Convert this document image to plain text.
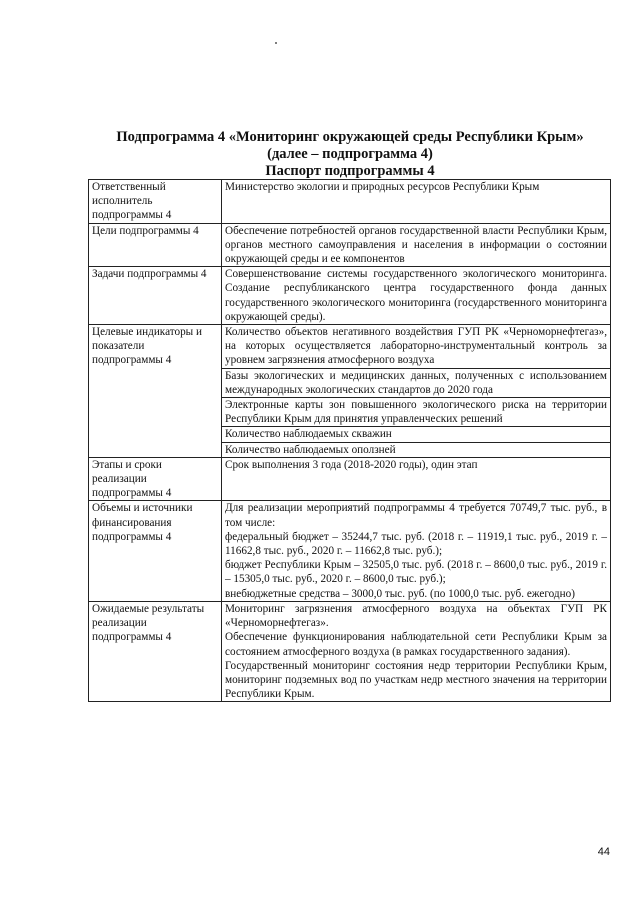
Подпрограмма 4 «Мониторинг окружающей среды Республики Крым»
(далее – подпрограмма 4)
Паспорт подпрограммы 4
Ответственный исполнитель подпрограммы 4	Министерство экологии и природных ресурсов Республики Крым
Цели подпрограммы 4	Обеспечение потребностей органов государственной власти Республики Крым, органов местного самоуправления и населения в информации о состоянии окружающей среды и ее компонентов
Задачи подпрограммы 4	Совершенствование системы государственного экологического мониторинга. Создание республиканского центра государственного фонда данных государственного экологического мониторинга (государственного мониторинга окружающей среды).
Целевые индикаторы и показатели подпрограммы 4	Количество объектов негативного воздействия ГУП РК «Черноморнефтегаз», на которых осуществляется лабораторно-инструментальный контроль за уровнем загрязнения атмосферного воздуха
	Базы экологических и медицинских данных, полученных с использованием международных экологических стандартов до 2020 года
	Электронные карты зон повышенного экологического риска на территории Республики Крым для принятия управленческих решений
	Количество наблюдаемых скважин
	Количество наблюдаемых оползней
Этапы и сроки реализации подпрограммы 4	Срок выполнения 3 года (2018-2020 годы), один этап
Объемы и источники финансирования подпрограммы 4	Для реализации мероприятий подпрограммы 4 требуется 70749,7 тыс. руб., в том числе:
федеральный бюджет – 35244,7 тыс. руб. (2018 г. – 11919,1 тыс. руб., 2019 г. – 11662,8 тыс. руб., 2020 г. – 11662,8 тыс. руб.);
бюджет Республики Крым – 32505,0 тыс. руб. (2018 г. – 8600,0 тыс. руб., 2019 г. – 15305,0 тыс. руб., 2020 г. – 8600,0 тыс. руб.);
внебюджетные средства – 3000,0 тыс. руб. (по 1000,0 тыс. руб. ежегодно)

Ожидаемые результаты реализации подпрограммы 4	Мониторинг загрязнения атмосферного воздуха на объектах ГУП РК «Черноморнефтегаз».
Обеспечение функционирования наблюдательной сети Республики Крым за состоянием атмосферного воздуха (в рамках государственного задания).
Государственный мониторинг состояния недр территории Республики Крым, мониторинг подземных вод по участкам недр местного значения на территории Республики Крым.
44
